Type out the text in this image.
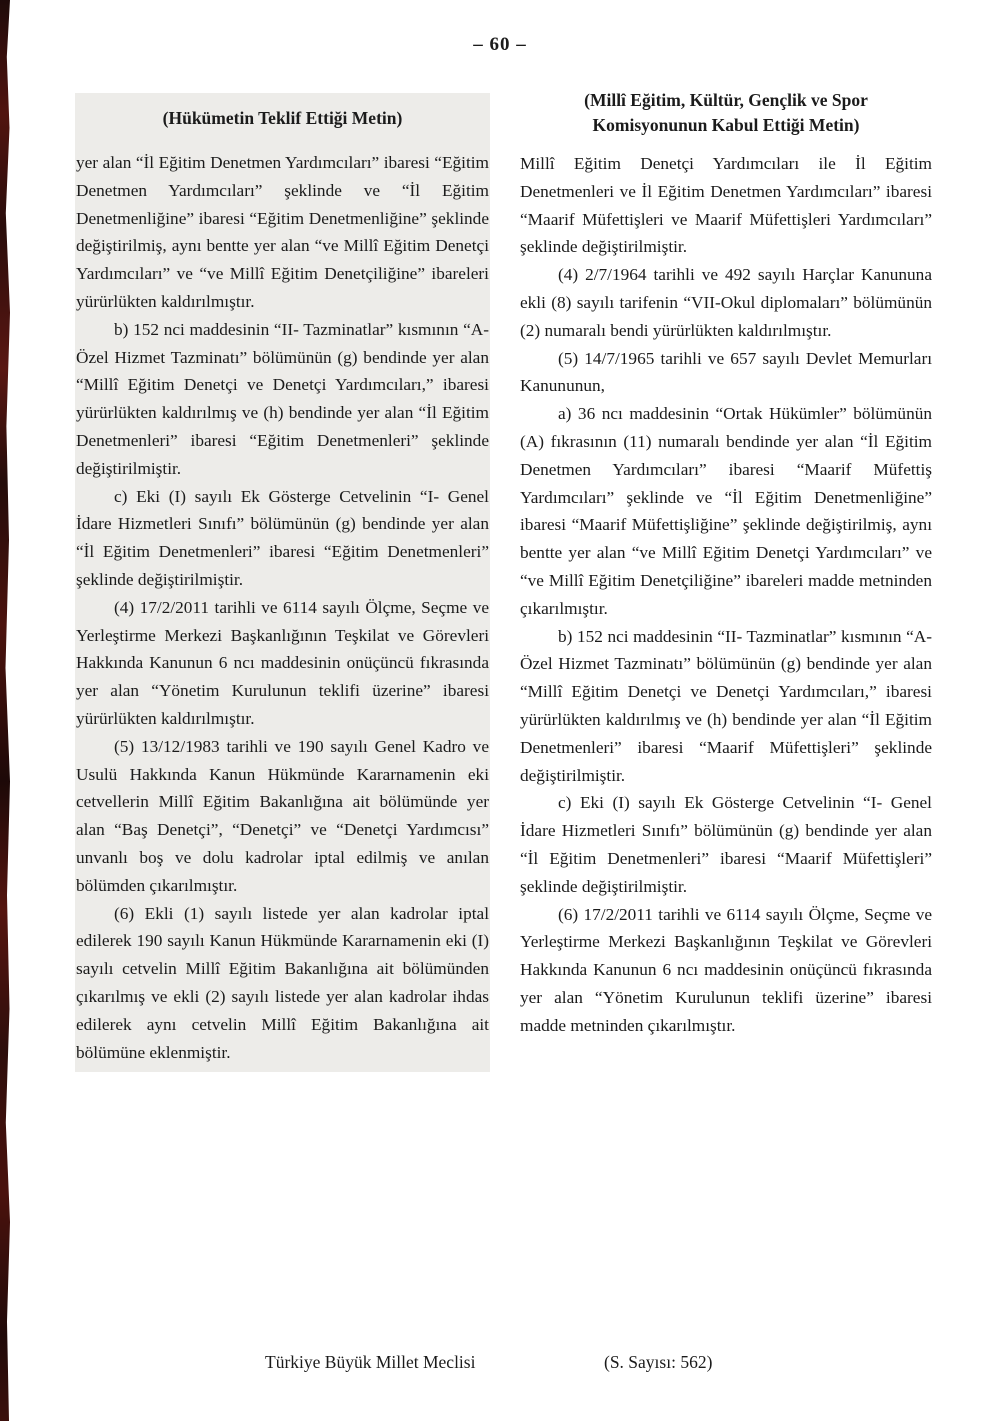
– 60 –
(Hükümetin Teklif Ettiği Metin)

yer alan “İl Eğitim Denetmen Yardımcıları” ibaresi “Eğitim Denetmen Yardımcıları” şeklinde ve “İl Eğitim Denetmenliğine” ibaresi “Eğitim Denetmenliğine” şeklinde değiştirilmiş, aynı bentte yer alan “ve Millî Eğitim Denetçi Yardımcıları” ve “ve Millî Eğitim Denetçiliğine” ibareleri yürürlükten kaldırılmıştır.

b) 152 nci maddesinin “II- Tazminatlar” kısmının “A- Özel Hizmet Tazminatı” bölümünün (g) bendinde yer alan “Millî Eğitim Denetçi ve Denetçi Yardımcıları,” ibaresi yürürlükten kaldırılmış ve (h) bendinde yer alan “İl Eğitim Denetmenleri” ibaresi “Eğitim Denetmenleri” şeklinde değiştirilmiştir.

c) Eki (I) sayılı Ek Gösterge Cetvelinin “I- Genel İdare Hizmetleri Sınıfı” bölümünün (g) bendinde yer alan “İl Eğitim Denetmenleri” ibaresi “Eğitim Denetmenleri” şeklinde değiştirilmiştir.

(4) 17/2/2011 tarihli ve 6114 sayılı Ölçme, Seçme ve Yerleştirme Merkezi Başkanlığının Teşkilat ve Görevleri Hakkında Kanunun 6 ncı maddesinin onüçüncü fıkrasında yer alan “Yönetim Kurulunun teklifi üzerine” ibaresi yürürlükten kaldırılmıştır.

(5) 13/12/1983 tarihli ve 190 sayılı Genel Kadro ve Usulü Hakkında Kanun Hükmünde Kararnamenin eki cetvellerin Millî Eğitim Bakanlığına ait bölümünde yer alan “Baş Denetçi”, “Denetçi” ve “Denetçi Yardımcısı” unvanlı boş ve dolu kadrolar iptal edilmiş ve anılan bölümden çıkarılmıştır.

(6) Ekli (1) sayılı listede yer alan kadrolar iptal edilerek 190 sayılı Kanun Hükmünde Kararnamenin eki (I) sayılı cetvelin Millî Eğitim Bakanlığına ait bölümünden çıkarılmış ve ekli (2) sayılı listede yer alan kadrolar ihdas edilerek aynı cetvelin Millî Eğitim Bakanlığına ait bölümüne eklenmiştir.

(Millî Eğitim, Kültür, Gençlik ve Spor
Komisyonunun Kabul Ettiği Metin)

Millî Eğitim Denetçi Yardımcıları ile İl Eğitim Denetmenleri ve İl Eğitim Denetmen Yardımcıları” ibaresi “Maarif Müfettişleri ve Maarif Müfettişleri Yardımcıları” şeklinde değiştirilmiştir.

(4) 2/7/1964 tarihli ve 492 sayılı Harçlar Kanununa ekli (8) sayılı tarifenin “VII-Okul diplomaları” bölümünün (2) numaralı bendi yürürlükten kaldırılmıştır.

(5) 14/7/1965 tarihli ve 657 sayılı Devlet Memurları Kanununun,

a) 36 ncı maddesinin “Ortak Hükümler” bölümünün (A) fıkrasının (11) numaralı bendinde yer alan “İl Eğitim Denetmen Yardımcıları” ibaresi “Maarif Müfettiş Yardımcıları” şeklinde ve “İl Eğitim Denetmenliğine” ibaresi “Maarif Müfettişliğine” şeklinde değiştirilmiş, aynı bentte yer alan “ve Millî Eğitim Denetçi Yardımcıları” ve “ve Millî Eğitim Denetçiliğine” ibareleri madde metninden çıkarılmıştır.

b) 152 nci maddesinin “II- Tazminatlar” kısmının “A- Özel Hizmet Tazminatı” bölümünün (g) bendinde yer alan “Millî Eğitim Denetçi ve Denetçi Yardımcıları,” ibaresi yürürlükten kaldırılmış ve (h) bendinde yer alan “İl Eğitim Denetmenleri” ibaresi “Maarif Müfettişleri” şeklinde değiştirilmiştir.

c) Eki (I) sayılı Ek Gösterge Cetvelinin “I- Genel İdare Hizmetleri Sınıfı” bölümünün (g) bendinde yer alan “İl Eğitim Denetmenleri” ibaresi “Maarif Müfettişleri” şeklinde değiştirilmiştir.

(6) 17/2/2011 tarihli ve 6114 sayılı Ölçme, Seçme ve Yerleştirme Merkezi Başkanlığının Teşkilat ve Görevleri Hakkında Kanunun 6 ncı maddesinin onüçüncü fıkrasında yer alan “Yönetim Kurulunun teklifi üzerine” ibaresi madde metninden çıkarılmıştır.

Türkiye Büyük Millet Meclisi	(S. Sayısı: 562)
